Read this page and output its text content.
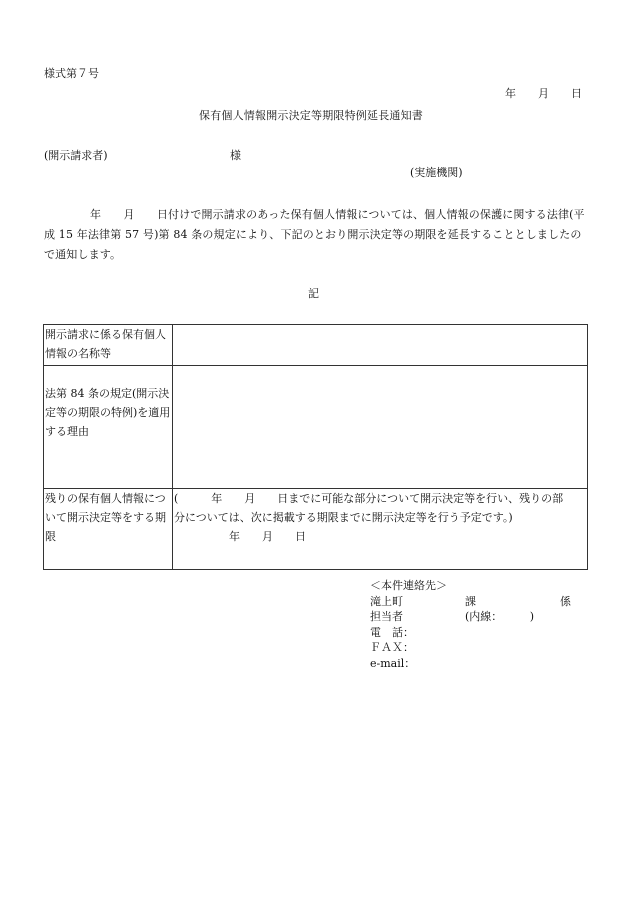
様式第７号
年　　月　　日
保有個人情報開示決定等期限特例延長通知書
(開示請求者)	様
(実施機関)
年　　月　　日付けで開示請求のあった保有個人情報については、個人情報の保護に関する法律(平成 15 年法律第 57 号)第 84 条の規定により、下記のとおり開示決定等の期限を延長することとしましたので通知します。
記
開示請求に係る保有個人情報の名称等	
法第 84 条の規定(開示決定等の期限の特例)を適用する理由	
残りの保有個人情報について開示決定等をする期限	(　　　年　　月　　日までに可能な部分について開示決定等を行い、残りの部
分については、次に掲載する期限までに開示決定等を行う予定です。)
　　　　　年　　月　　日
＜本件連絡先＞
滝上町	課	係
担当者	(内線：　　　)
電　話：
ＦＡＸ：
e-mail：
